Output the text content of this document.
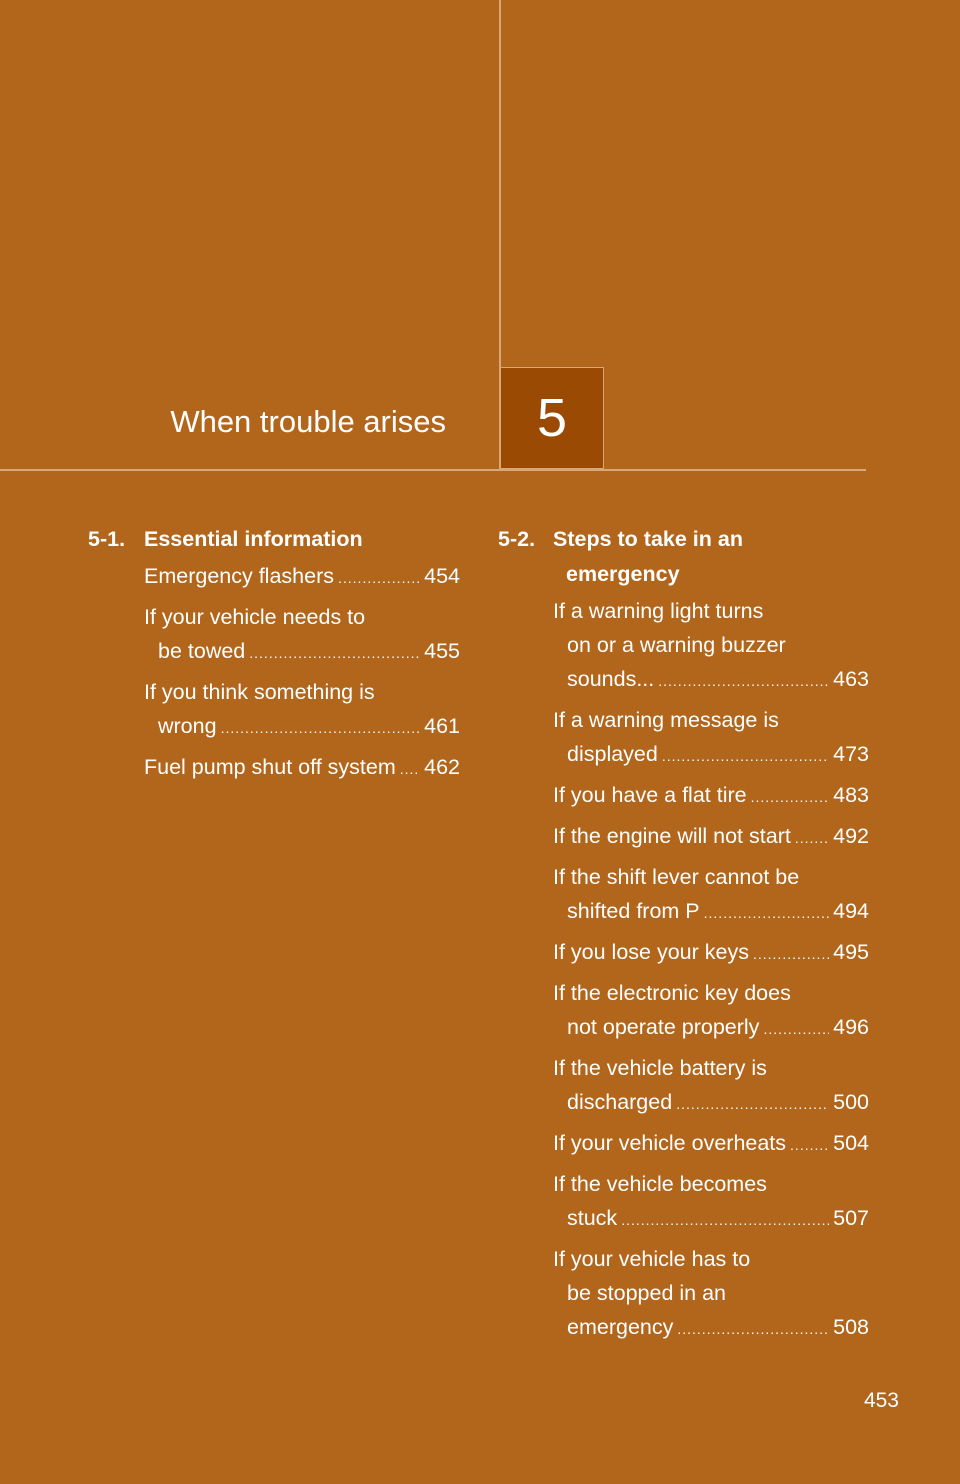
When trouble arises	5
5-1. Essential information
Emergency flashers .....	454
If your vehicle needs to
be towed .....	455
If you think something is
wrong .....	461
Fuel pump shut off system ..... 462
5-2. Steps to take in an
emergency
If a warning light turns
on or a warning buzzer
sounds... .....	463
If a warning message is
displayed .....	473
If you have a flat tire .....	483
If the engine will not start ..... 492
If the shift lever cannot be
shifted from P .....	494
If you lose your keys .....	495
If the electronic key does
not operate properly .....	496
If the vehicle battery is
discharged .....	500
If your vehicle overheats ..... 504
If the vehicle becomes
stuck .....	507
If your vehicle has to
be stopped in an
emergency .....	508
453
